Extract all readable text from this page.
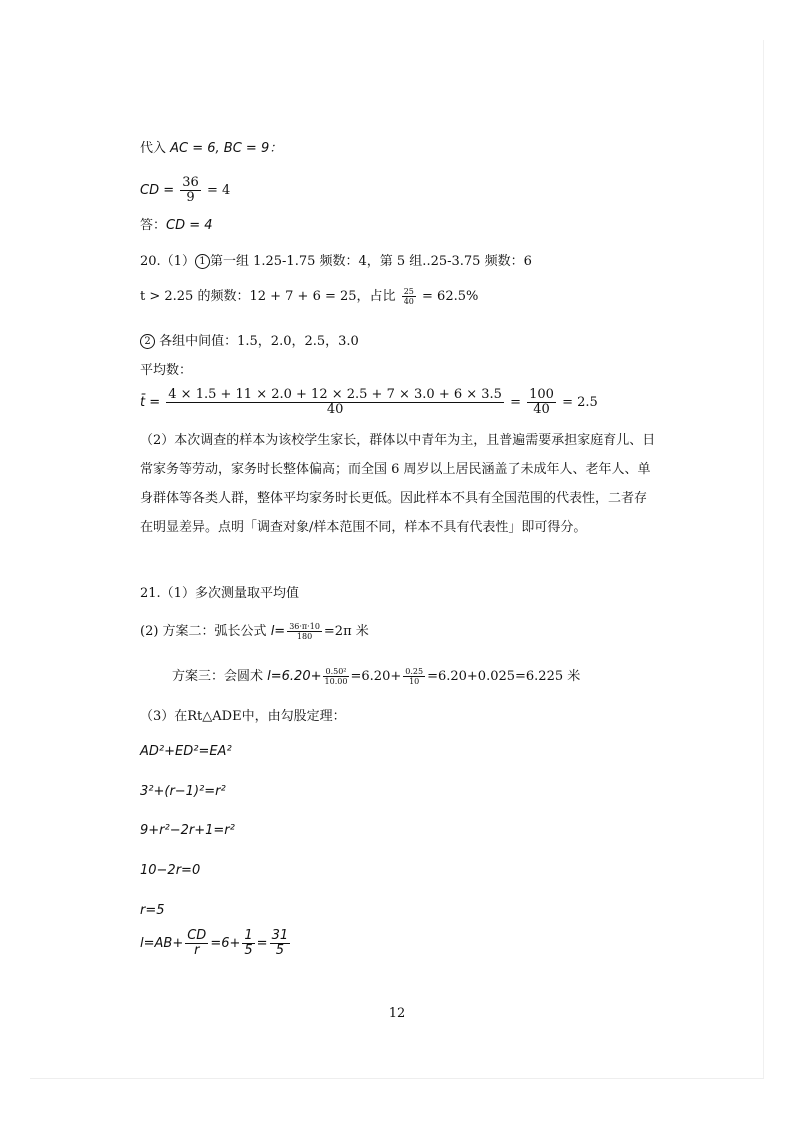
代入 AC = 6, BC = 9：
CD = $\frac{36}{9} = 4$
答：CD = 4
20.（1） 1 第一组 1.25-1.75 频数：4，第 5 组..25-3.75 频数：6
t > 2.25 的频数：12 + 7 + 6 = 25，占比 $\frac{25}{40} = 62.5\%$
2 各组中间值：1.5，2.0，2.5，3.0
平均数：
t̄ = $\frac{4 \times 1.5 + 11 \times 2.0 + 12 \times 2.5 + 7 \times 3.0 + 6 \times 3.5}{40} = \frac{100}{40} = 2.5$
（2）本次调查的样本为该校学生家长，群体以中青年为主，且普遍需要承担家庭育儿、日
常家务等劳动，家务时长整体偏高；而全国 6 周岁以上居民涵盖了未成年人、老年人、单
身群体等各类人群，整体平均家务时长更低。因此样本不具有全国范围的代表性，二者存
在明显差异。点明「调查对象/样本范围不同，样本不具有代表性」即可得分。
21.（1）多次测量取平均值
(2) 方案二：弧长公式 $l= \frac{36\cdot\pi\cdot 10}{180} =2\pi$ 米
方案三：会圆术 $l=6.20+ \frac{\text{0.50²}}{10.00} =6.20+ \frac{0.25}{10} =6.20+0.025=6.225$ 米
（3）在Rt△ADE中，由勾股定理：
AD²+ED²=EA²
3²+(r−1)²=r²
9+r²−2r+1=r²
10−2r=0
r=5
$l=AB+ \frac{CD}{r} =6+ \frac{1}{5} = \frac{31}{5}$
12
